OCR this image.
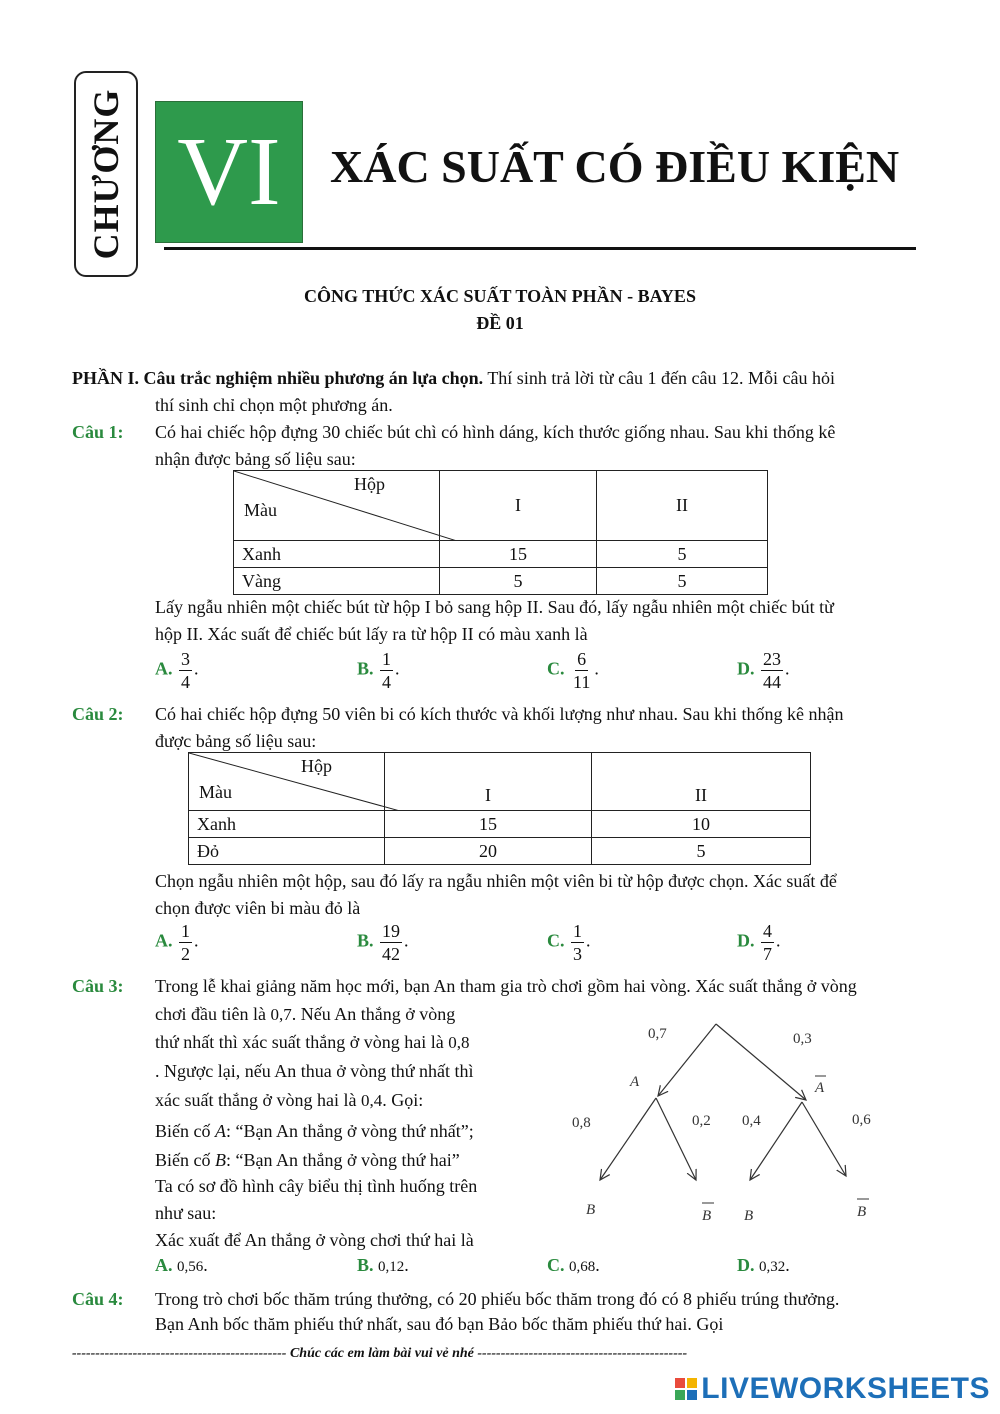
CHƯƠNG VI XÁC SUẤT CÓ ĐIỀU KIỆN
CÔNG THỨC XÁC SUẤT TOÀN PHẦN - BAYES
ĐỀ 01
PHẦN I. Câu trắc nghiệm nhiều phương án lựa chọn. Thí sinh trả lời từ câu 1 đến câu 12. Mỗi câu hỏi
thí sinh chỉ chọn một phương án.
Câu 1: Có hai chiếc hộp đựng 30 chiếc bút chì có hình dáng, kích thước giống nhau. Sau khi thống kê
nhận được bảng số liệu sau:
Hộp
Màu	I	II
Xanh	15	5
Vàng	5	5
Lấy ngẫu nhiên một chiếc bút từ hộp I bỏ sang hộp II. Sau đó, lấy ngẫu nhiên một chiếc bút từ
hộp II. Xác suất để chiếc bút lấy ra từ hộp II có màu xanh là
A. $\frac{3}{4}$ .	B. $\frac{1}{4}$ .	C. $\frac{6}{11}$ .	D. $\frac{23}{44}$ .
Câu 2: Có hai chiếc hộp đựng 50 viên bi có kích thước và khối lượng như nhau. Sau khi thống kê nhận
được bảng số liệu sau:
Hộp
Màu	I	II
Xanh	15	10
Đỏ	20	5
Chọn ngẫu nhiên một hộp, sau đó lấy ra ngẫu nhiên một viên bi từ hộp được chọn. Xác suất để
chọn được viên bi màu đỏ là
A. $\frac{1}{2}$ .	B. $\frac{19}{42}$ .	C. $\frac{1}{3}$ .	D. $\frac{4}{7}$ .
Câu 3: Trong lễ khai giảng năm học mới, bạn An tham gia trò chơi gồm hai vòng. Xác suất thắng ở vòng
chơi đầu tiên là 0,7. Nếu An thắng ở vòng
thứ nhất thì xác suất thắng ở vòng hai là 0,8
. Ngược lại, nếu An thua ở vòng thứ nhất thì
xác suất thắng ở vòng hai là 0,4. Gọi:
Biến cố A: “Bạn An thắng ở vòng thứ nhất”;
Biến cố B: “Bạn An thắng ở vòng thứ hai”
Ta có sơ đồ hình cây biểu thị tình huống trên
như sau:
Xác xuất để An thắng ở vòng chơi thứ hai là
0,7	0,3
A	A
0,8	0,2 0,4	0,6
B	B B	B
A. 0,56.	B. 0,12.	C. 0,68.	D. 0,32.
Câu 4: Trong trò chơi bốc thăm trúng thưởng, có 20 phiếu bốc thăm trong đó có 8 phiếu trúng thưởng.
Bạn Anh bốc thăm phiếu thứ nhất, sau đó bạn Bảo bốc thăm phiếu thứ hai. Gọi
---------------------------------------------- Chúc các em làm bài vui vẻ nhé ---------------------------------------------
LIVEWORKSHEETS
